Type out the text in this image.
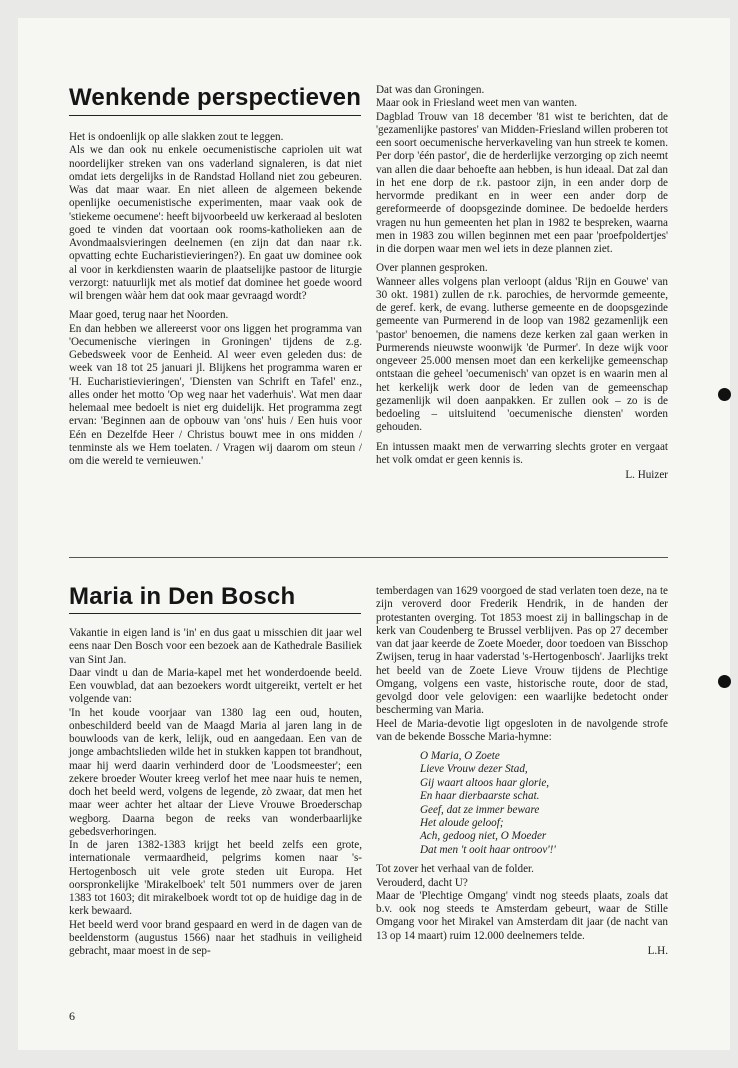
Wenkende perspectieven

Het is ondoenlijk op alle slakken zout te leggen.
Als we dan ook nu enkele oecumenistische capriolen uit wat noordelijker streken van ons vaderland signaleren, is dat niet omdat iets dergelijks in de Randstad Holland niet zou gebeuren. Was dat maar waar. En niet alleen de algemeen bekende openlijke oecumenistische experimenten, maar vaak ook de 'stiekeme oecumene': heeft bijvoorbeeld uw kerkeraad al besloten goed te vinden dat voortaan ook rooms-katholieken aan de Avondmaalsvieringen deelnemen (en zijn dat dan naar r.k. opvatting echte Eucharistievieringen?). En gaat uw dominee ook al voor in kerkdiensten waarin de plaatselijke pastoor de liturgie verzorgt: natuurlijk met als motief dat dominee het goede woord wil brengen wààr hem dat ook maar gevraagd wordt?

Maar goed, terug naar het Noorden.
En dan hebben we allereerst voor ons liggen het programma van 'Oecumenische vieringen in Groningen' tijdens de z.g. Gebedsweek voor de Eenheid. Al weer even geleden dus: de week van 18 tot 25 januari jl. Blijkens het programma waren er 'H. Eucharistievieringen', 'Diensten van Schrift en Tafel' enz., alles onder het motto 'Op weg naar het vaderhuis'. Wat men daar helemaal mee bedoelt is niet erg duidelijk. Het programma zegt ervan: 'Beginnen aan de opbouw van 'ons' huis / Een huis voor Eén en Dezelfde Heer / Christus bouwt mee in ons midden / tenminste als we Hem toelaten. / Vragen wij daarom om steun / om die wereld te vernieuwen.'

Dat was dan Groningen.
Maar ook in Friesland weet men van wanten.
Dagblad Trouw van 18 december '81 wist te berichten, dat de 'gezamenlijke pastores' van Midden-Friesland willen proberen tot een soort oecumenische herverkaveling van hun streek te komen. Per dorp 'één pastor', die de herderlijke verzorging op zich neemt van allen die daar behoefte aan hebben, is hun ideaal. Dat zal dan in het ene dorp de r.k. pastoor zijn, in een ander dorp de hervormde predikant en in weer een ander dorp de gereformeerde of doopsgezinde dominee. De bedoelde herders vragen nu hun gemeenten het plan in 1982 te bespreken, waarna men in 1983 zou willen beginnen met een paar 'proefpoldertjes' in die dorpen waar men wel iets in deze plannen ziet.

Over plannen gesproken.
Wanneer alles volgens plan verloopt (aldus 'Rijn en Gouwe' van 30 okt. 1981) zullen de r.k. parochies, de hervormde gemeente, de geref. kerk, de evang. lutherse gemeente en de doopsgezinde gemeente van Purmerend in de loop van 1982 gezamenlijk een 'pastor' benoemen, die namens deze kerken zal gaan werken in Purmerends nieuwste woonwijk 'de Purmer'. In deze wijk voor ongeveer 25.000 mensen moet dan een kerkelijke gemeenschap ontstaan die geheel 'oecumenisch' van opzet is en waarin men al het kerkelijk werk door de leden van de gemeenschap gezamenlijk wil doen aanpakken. Er zullen ook – zo is de bedoeling – uitsluitend 'oecumenische diensten' worden gehouden.

En intussen maakt men de verwarring slechts groter en vergaat het volk omdat er geen kennis is.

L. Huizer

Maria in Den Bosch

Vakantie in eigen land is 'in' en dus gaat u misschien dit jaar wel eens naar Den Bosch voor een bezoek aan de Kathedrale Basiliek van Sint Jan.
Daar vindt u dan de Maria-kapel met het wonderdoende beeld. Een vouwblad, dat aan bezoekers wordt uitgereikt, vertelt er het volgende van:
'In het koude voorjaar van 1380 lag een oud, houten, onbeschilderd beeld van de Maagd Maria al jaren lang in de bouwloods van de kerk, lelijk, oud en aangedaan. Een van de jonge ambachtslieden wilde het in stukken kappen tot brandhout, maar hij werd daarin verhinderd door de 'Loodsmeester'; een zekere broeder Wouter kreeg verlof het mee naar huis te nemen, doch het beeld werd, volgens de legende, zò zwaar, dat men het maar weer achter het altaar der Lieve Vrouwe Broederschap wegborg. Daarna begon de reeks van wonderbaarlijke gebedsverhoringen.
In de jaren 1382-1383 krijgt het beeld zelfs een grote, internationale vermaardheid, pelgrims komen naar 's-Hertogenbosch uit vele grote steden uit Europa. Het oorspronkelijke 'Mirakelboek' telt 501 nummers over de jaren 1383 tot 1603; dit mirakelboek wordt tot op de huidige dag in de kerk bewaard.
Het beeld werd voor brand gespaard en werd in de dagen van de beeldenstorm (augustus 1566) naar het stadhuis in veiligheid gebracht, maar moest in de sep-

temberdagen van 1629 voorgoed de stad verlaten toen deze, na te zijn veroverd door Frederik Hendrik, in de handen der protestanten overging. Tot 1853 moest zij in ballingschap in de kerk van Coudenberg te Brussel verblijven. Pas op 27 december van dat jaar keerde de Zoete Moeder, door toedoen van Bisschop Zwijsen, terug in haar vaderstad 's-Hertogenbosch'. Jaarlijks trekt het beeld van de Zoete Lieve Vrouw tijdens de Plechtige Omgang, volgens een vaste, historische route, door de stad, gevolgd door vele gelovigen: een waarlijke bedetocht onder bescherming van Maria.
Heel de Maria-devotie ligt opgesloten in de navolgende strofe van de bekende Bossche Maria-hymne:

O Maria, O Zoete
Lieve Vrouw dezer Stad,
Gij waart altoos haar glorie,
En haar dierbaarste schat.
Geef, dat ze immer beware
Het aloude geloof;
Ach, gedoog niet, O Moeder
Dat men 't ooit haar ontroov'!'

Tot zover het verhaal van de folder.
Verouderd, dacht U?
Maar de 'Plechtige Omgang' vindt nog steeds plaats, zoals dat b.v. ook nog steeds te Amsterdam gebeurt, waar de Stille Omgang voor het Mirakel van Amsterdam dit jaar (de nacht van 13 op 14 maart) ruim 12.000 deelnemers telde.

L.H.

6
